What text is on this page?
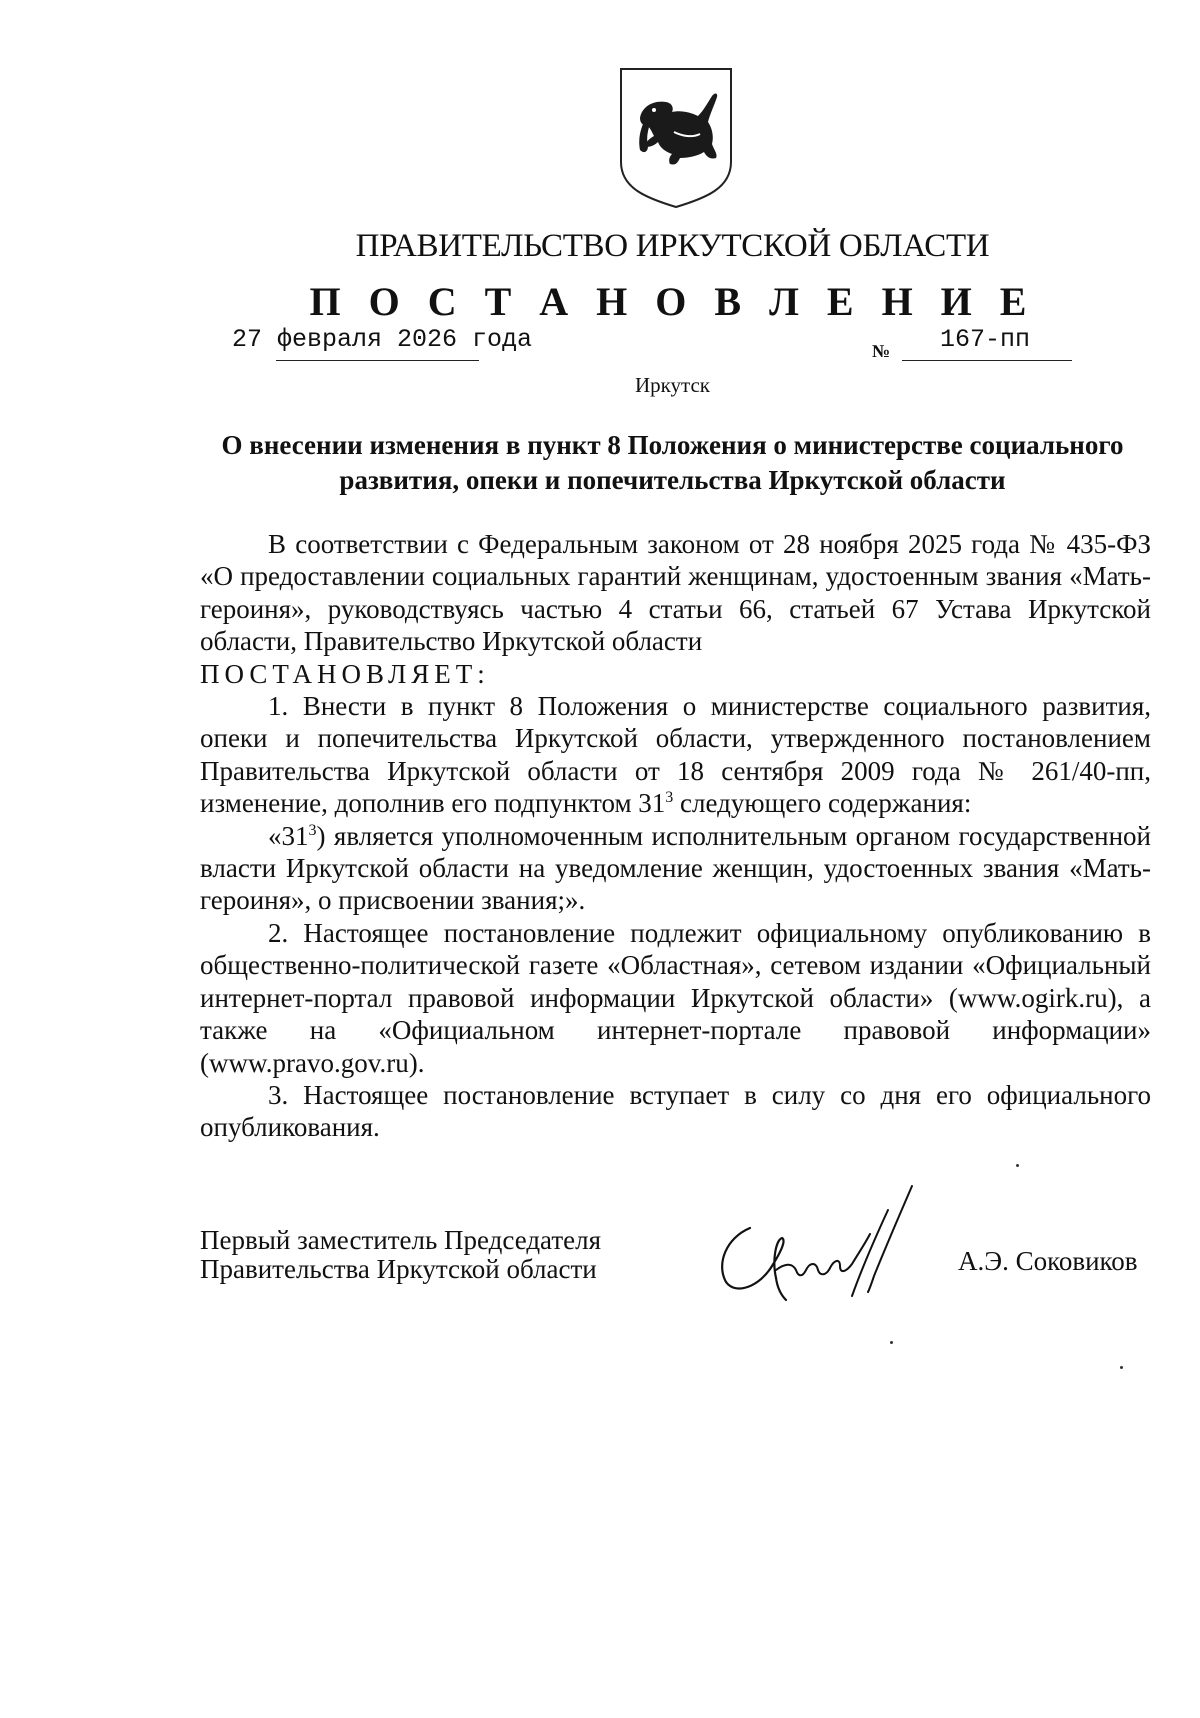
ПРАВИТЕЛЬСТВО ИРКУТСКОЙ ОБЛАСТИ
П О С Т А Н О В Л Е Н И Е
27 февраля 2026 года	№ 167-пп
Иркутск
О внесении изменения в пункт 8 Положения о министерстве социального развития, опеки и попечительства Иркутской области

В соответствии с Федеральным законом от 28 ноября 2025 года № 435-ФЗ «О предоставлении социальных гарантий женщинам, удостоенным звания «Мать-героиня», руководствуясь частью 4 статьи 66, статьей 67 Устава Иркутской области, Правительство Иркутской области

ПОСТАНОВЛЯЕТ:

1. Внести в пункт 8 Положения о министерстве социального развития, опеки и попечительства Иркутской области, утвержденного постановлением Правительства Иркутской области от 18 сентября 2009 года № 261/40-пп, изменение, дополнив его подпунктом $31^3$ следующего содержания:

«$31^3$) является уполномоченным исполнительным органом государственной власти Иркутской области на уведомление женщин, удостоенных звания «Мать-героиня», о присвоении звания;».

2. Настоящее постановление подлежит официальному опубликованию в общественно-политической газете «Областная», сетевом издании «Официальный интернет-портал правовой информации Иркутской области» (www.ogirk.ru), а также на «Официальном интернет-портале правовой информации» (www.pravo.gov.ru).

3. Настоящее постановление вступает в силу со дня его официального опубликования.

Первый заместитель Председателя
Правительства Иркутской области	А.Э. Соковиков
